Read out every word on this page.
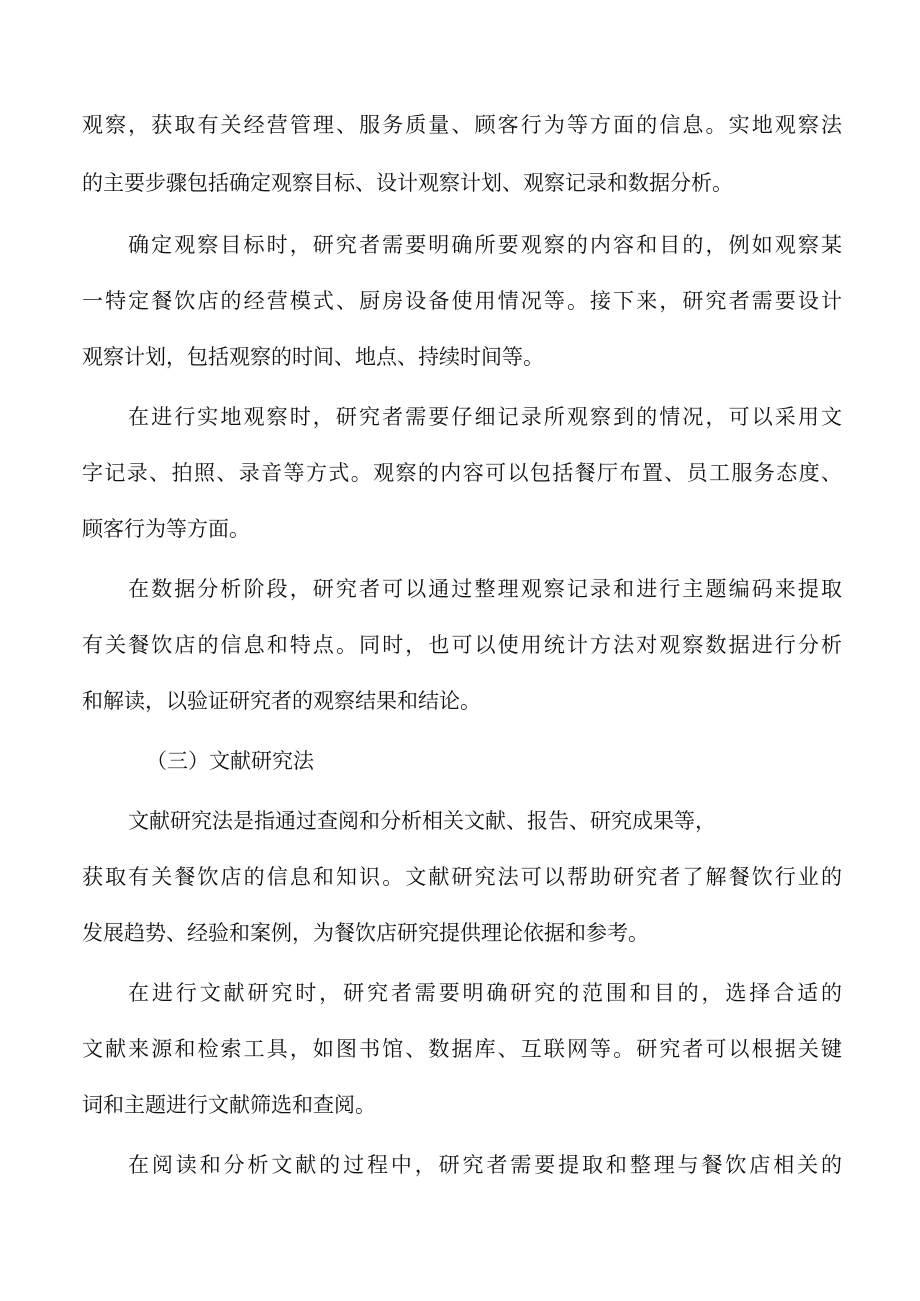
观察，获取有关经营管理、服务质量、顾客行为等方面的信息。实地观察法
的主要步骤包括确定观察目标、设计观察计划、观察记录和数据分析。
确定观察目标时，研究者需要明确所要观察的内容和目的，例如观察某
一特定餐饮店的经营模式、厨房设备使用情况等。接下来，研究者需要设计
观察计划，包括观察的时间、地点、持续时间等。
在进行实地观察时，研究者需要仔细记录所观察到的情况，可以采用文
字记录、拍照、录音等方式。观察的内容可以包括餐厅布置、员工服务态度、
顾客行为等方面。
在数据分析阶段，研究者可以通过整理观察记录和进行主题编码来提取
有关餐饮店的信息和特点。同时，也可以使用统计方法对观察数据进行分析
和解读，以验证研究者的观察结果和结论。
（三）文献研究法
文献研究法是指通过查阅和分析相关文献、报告、研究成果等，
获取有关餐饮店的信息和知识。文献研究法可以帮助研究者了解餐饮行业的
发展趋势、经验和案例，为餐饮店研究提供理论依据和参考。
在进行文献研究时，研究者需要明确研究的范围和目的，选择合适的
文献来源和检索工具，如图书馆、数据库、互联网等。研究者可以根据关键
词和主题进行文献筛选和查阅。
在阅读和分析文献的过程中，研究者需要提取和整理与餐饮店相关的
